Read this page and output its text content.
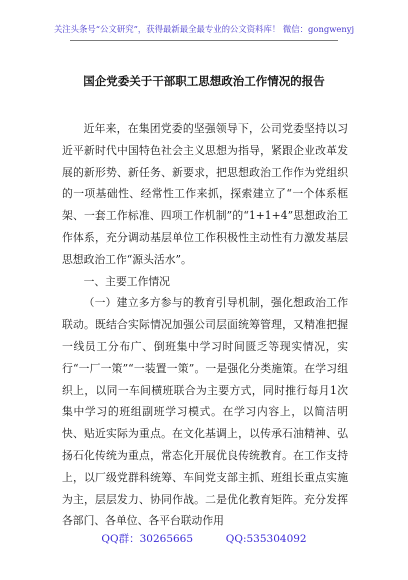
关注头条号“公文研究”，获得最新最全最专业的公文资料库！ 微信：gongwenyj
国企党委关于干部职工思想政治工作情况的报告

近年来，在集团党委的坚强领导下，公司党委坚持以习近平新时代中国特色社会主义思想为指导，紧跟企业改革发展的新形势、新任务、新要求，把思想政治工作作为党组织的一项基础性、经常性工作来抓，探索建立了“一个体系框架、一套工作标准、四项工作机制”的“1+1+4”思想政治工作体系，充分调动基层单位工作积极性主动性有力激发基层思想政治工作“源头活水”。

一、主要工作情况

（一）建立多方参与的教育引导机制，强化想政治工作联动。既结合实际情况加强公司层面统筹管理，又精准把握一线员工分布广、倒班集中学习时间匮乏等现实情况，实行“一厂一策”“一装置一策”。一是强化分类施策。在学习组织上，以同一车间横班联合为主要方式，同时推行每月1次集中学习的班组副班学习模式。在学习内容上，以简洁明快、贴近实际为重点。在文化基调上，以传承石油精神、弘扬石化传统为重点，常态化开展优良传统教育。在工作支持上，以厂级党群科统筹、车间党支部主抓、班组长重点实施为主，层层发力、协同作战。二是优化教育矩阵。充分发挥各部门、各单位、各平台联动作用

QQ群：30265665	QQ:535304092
